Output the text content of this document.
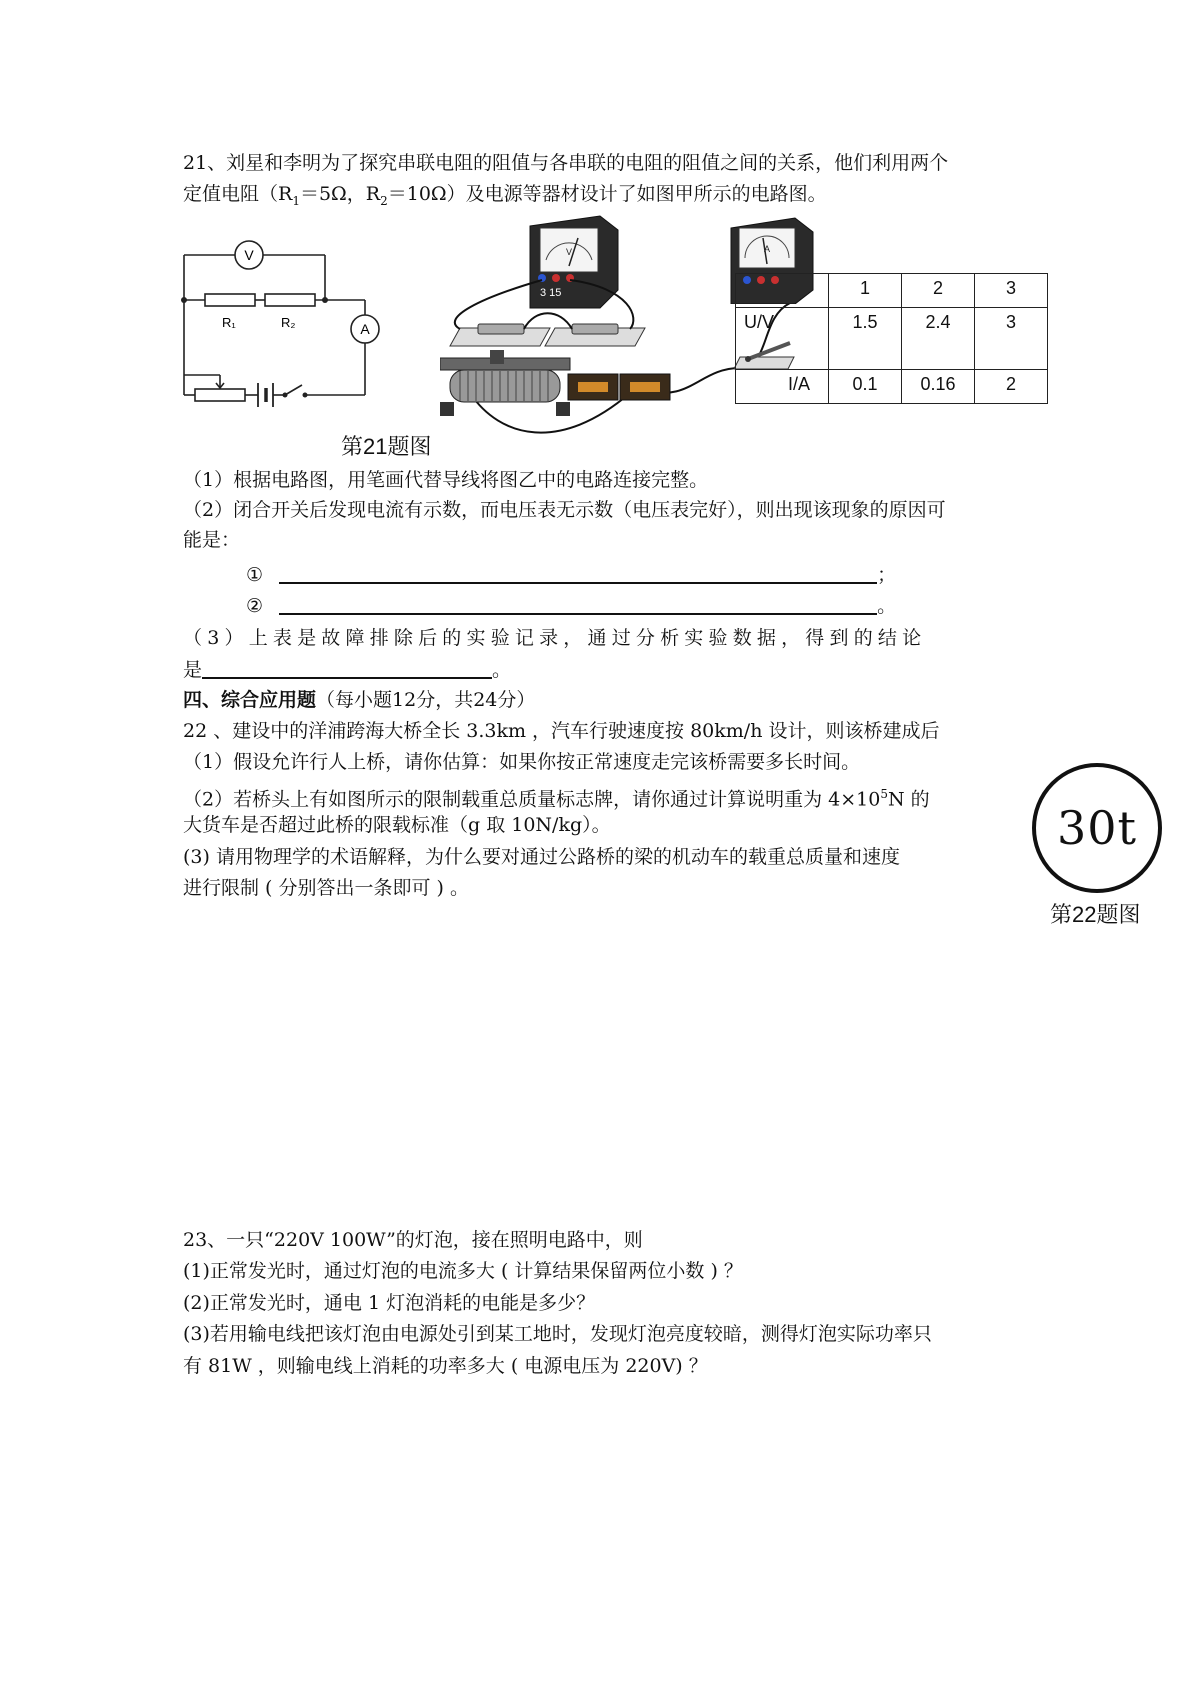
21、刘星和李明为了探究串联电阻的阻值与各串联的电阻的阻值之间的关系，他们利用两个
定值电阻（$R_1=5\Omega$，$R_2=10\Omega$）及电源等器材设计了如图甲所示的电路图。
V
A
R₁	R₂
第21题图
V
3 15
A
	1	2	3
U/V	1.5	2.4	3
I/A	0.1	0.16	2
（1）根据电路图，用笔画代替导线将图乙中的电路连接完整。
（2）闭合开关后发现电流有示数，而电压表无示数（电压表完好），则出现该现象的原因可
能是：
①	；
②	。
（3）上表是故障排除后的实验记录，通过分析实验数据，得到的结论
是	。
四、综合应用题（每小题12分，共24分）
22 、建设中的洋浦跨海大桥全长 3.3km ，汽车行驶速度按 80km/h 设计，则该桥建成后
（1）假设允许行人上桥，请你估算：如果你按正常速度走完该桥需要多长时间。
（2）若桥头上有如图所示的限制载重总质量标志牌，请你通过计算说明重为 $4\times 10^5N$ 的
大货车是否超过此桥的限载标准（g 取 10N/kg）。
(3) 请用物理学的术语解释，为什么要对通过公路桥的梁的机动车的载重总质量和速度
进行限制 ( 分别答出一条即可 ) 。
30t
第22题图
23、一只“220V 100W”的灯泡，接在照明电路中，则
(1)正常发光时，通过灯泡的电流多大 ( 计算结果保留两位小数 ) ？
(2)正常发光时，通电 1 灯泡消耗的电能是多少？
(3)若用输电线把该灯泡由电源处引到某工地时，发现灯泡亮度较暗，测得灯泡实际功率只
有 81W ，则输电线上消耗的功率多大 ( 电源电压为 220V) ？
